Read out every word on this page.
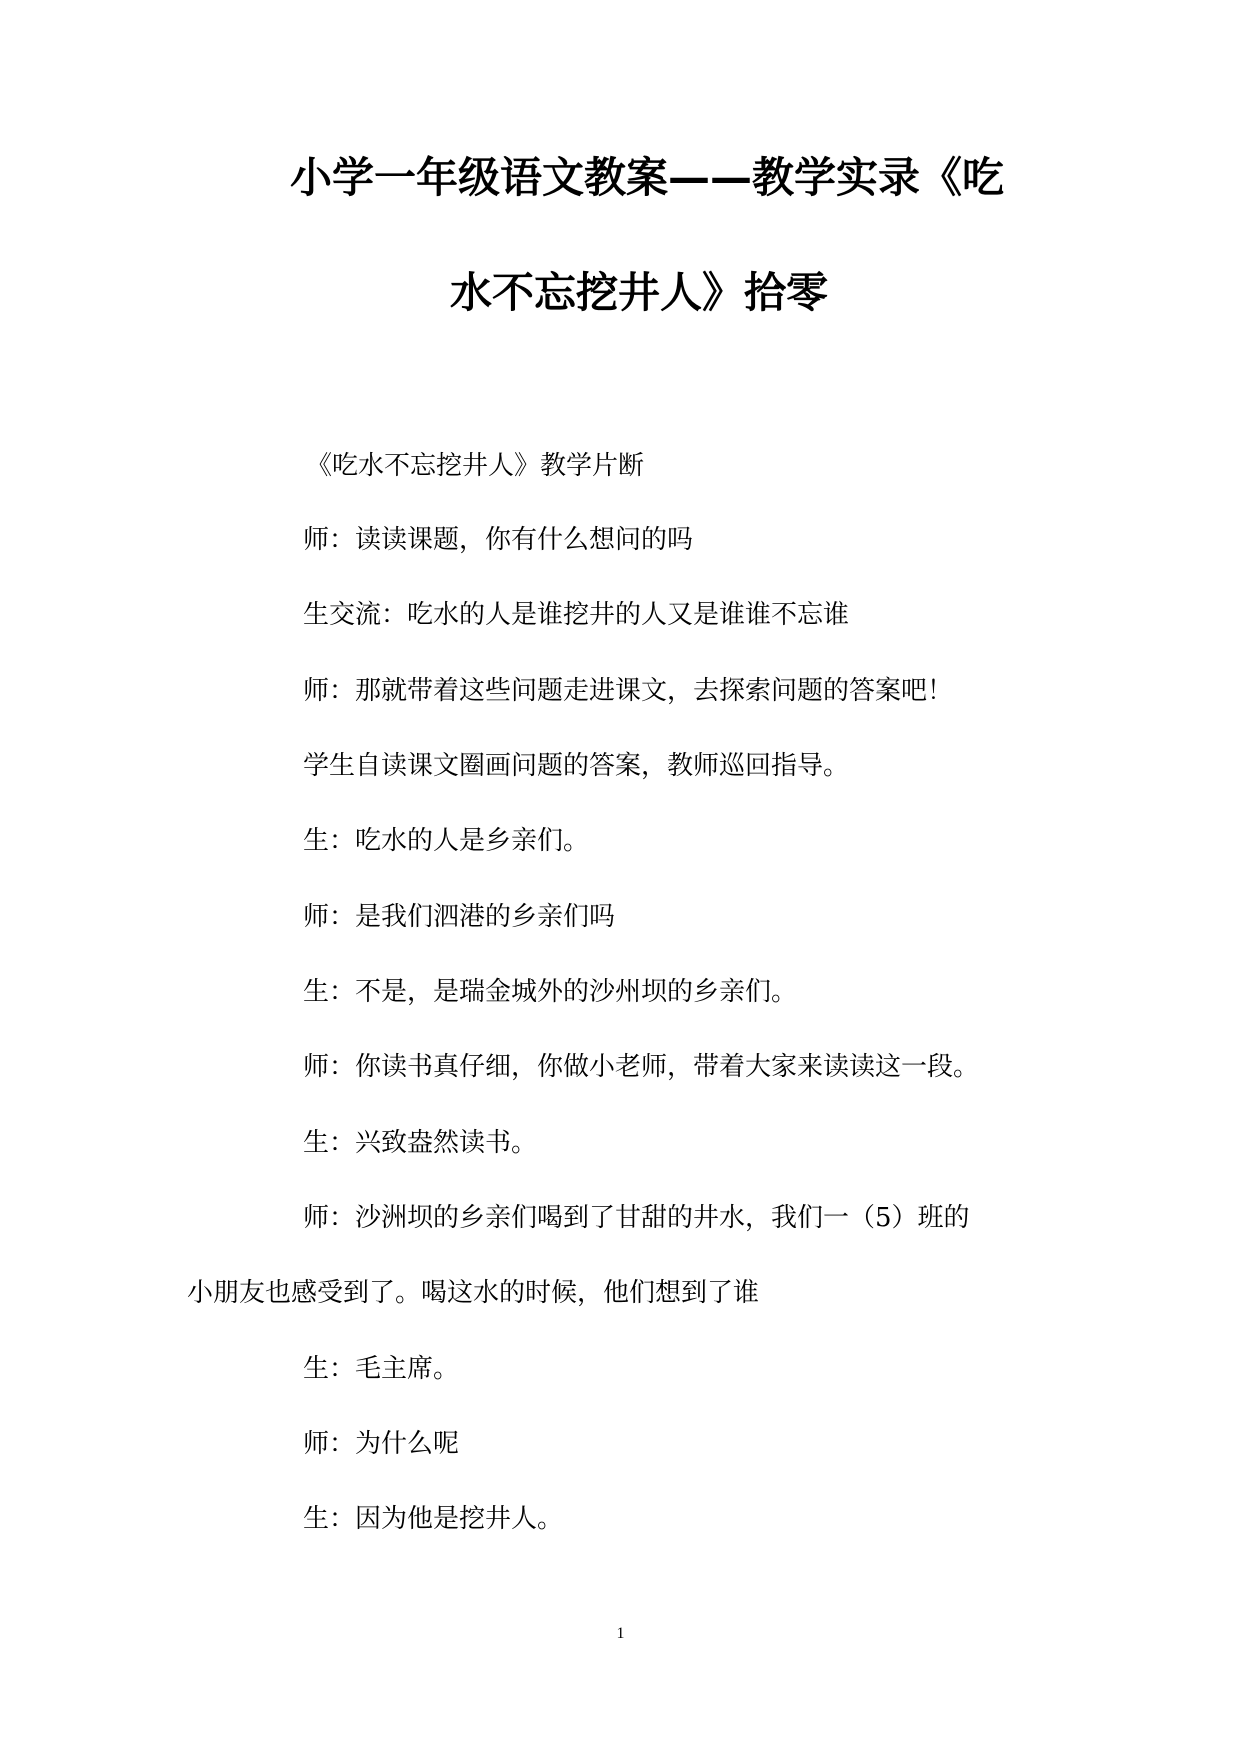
小学一年级语文教案——教学实录《吃
水不忘挖井人》拾零
《吃水不忘挖井人》教学片断
师：读读课题，你有什么想问的吗
生交流：吃水的人是谁挖井的人又是谁谁不忘谁
师：那就带着这些问题走进课文，去探索问题的答案吧！
学生自读课文圈画问题的答案，教师巡回指导。
生：吃水的人是乡亲们。
师：是我们泗港的乡亲们吗
生：不是，是瑞金城外的沙州坝的乡亲们。
师：你读书真仔细，你做小老师，带着大家来读读这一段。
生：兴致盎然读书。
师：沙洲坝的乡亲们喝到了甘甜的井水，我们一（5）班的
小朋友也感受到了。喝这水的时候，他们想到了谁
生：毛主席。
师：为什么呢
生：因为他是挖井人。
1
